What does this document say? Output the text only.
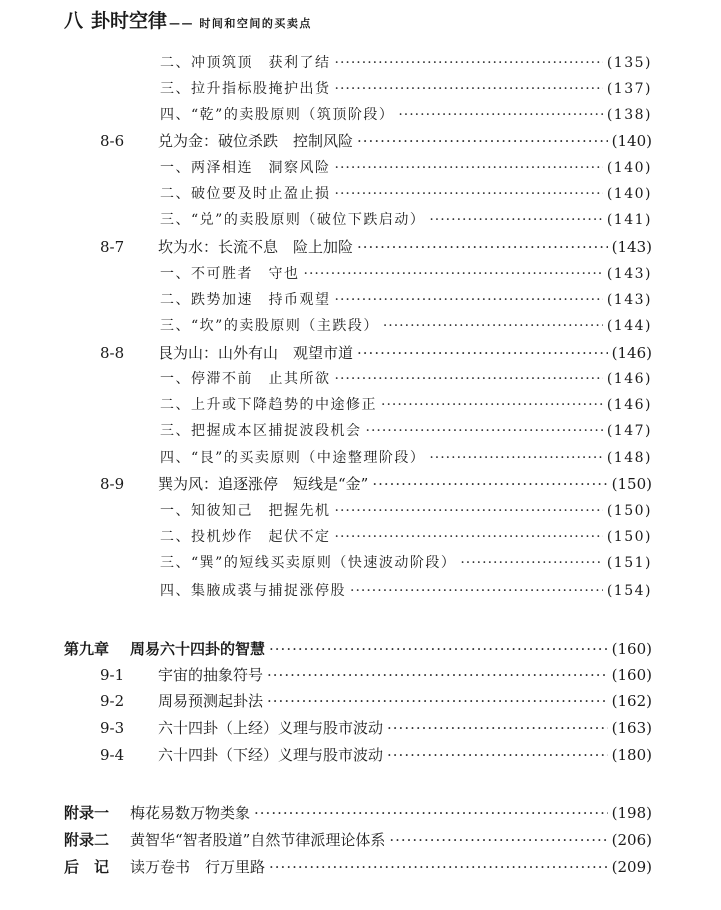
八 卦时空律 —— 时间和空间的买卖点
二、冲顶筑顶　获利了结 ·····	(135)
三、拉升指标股掩护出货 ·····	(137)
四、“乾”的卖股原则（筑顶阶段） ·····	(138)
8-6	兑为金：破位杀跌　控制风险 ·····	(140)
一、两泽相连　洞察风险 ·····	(140)
二、破位要及时止盈止损 ·····	(140)
三、“兑”的卖股原则（破位下跌启动） ·····	(141)
8-7	坎为水：长流不息　险上加险 ·····	(143)
一、不可胜者　守也 ·····	(143)
二、跌势加速　持币观望 ·····	(143)
三、“坎”的卖股原则（主跌段） ·····	(144)
8-8	艮为山：山外有山　观望市道 ·····	(146)
一、停滞不前　止其所欲 ·····	(146)
二、上升或下降趋势的中途修正 ·····	(146)
三、把握成本区捕捉波段机会 ·····	(147)
四、“艮”的买卖原则（中途整理阶段） ·····	(148)
8-9	巽为风：追逐涨停　短线是“金” ·····	(150)
一、知彼知己　把握先机 ·····	(150)
二、投机炒作　起伏不定 ·····	(150)
三、“巽”的短线买卖原则（快速波动阶段） ·····	(151)
四、集腋成裘与捕捉涨停股 ·····	(154)
第九章	周易六十四卦的智慧 ·····	(160)
9-1	宇宙的抽象符号 ·····	(160)
9-2	周易预测起卦法 ·····	(162)
9-3	六十四卦（上经）义理与股市波动 ·····	(163)
9-4	六十四卦（下经）义理与股市波动 ·····	(180)
附录一	梅花易数万物类象 ·····	(198)
附录二	黄智华“智者股道”自然节律派理论体系 ·····	(206)
后　记	读万卷书　行万里路 ·····	(209)
